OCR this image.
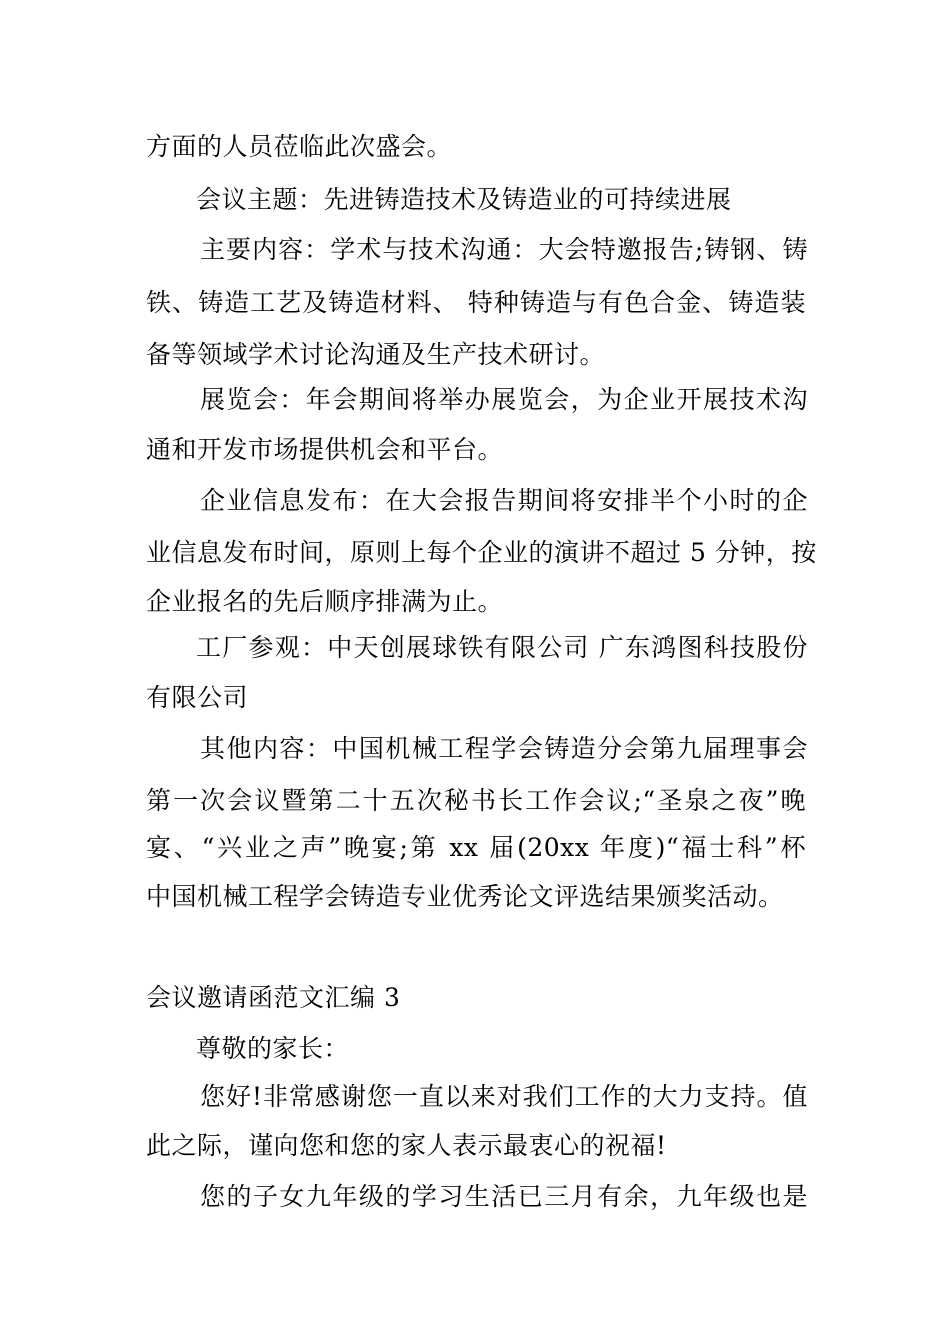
方面的人员莅临此次盛会。
会议主题：先进铸造技术及铸造业的可持续进展
主要内容：学术与技术沟通：大会特邀报告;铸钢、铸
铁、铸造工艺及铸造材料、 特种铸造与有色合金、铸造装
备等领域学术讨论沟通及生产技术研讨。
展览会：年会期间将举办展览会，为企业开展技术沟
通和开发市场提供机会和平台。
企业信息发布：在大会报告期间将安排半个小时的企
业信息发布时间，原则上每个企业的演讲不超过 5 分钟，按
企业报名的先后顺序排满为止。
工厂参观：中天创展球铁有限公司 广东鸿图科技股份
有限公司
其他内容：中国机械工程学会铸造分会第九届理事会
第一次会议暨第二十五次秘书长工作会议;“圣泉之夜”晚
宴、“兴业之声”晚宴;第 xx 届(20xx 年度)“福士科”杯
中国机械工程学会铸造专业优秀论文评选结果颁奖活动。
会议邀请函范文汇编 3
尊敬的家长：
您好!非常感谢您一直以来对我们工作的大力支持。值
此之际，谨向您和您的家人表示最衷心的祝福!
您的子女九年级的学习生活已三月有余，九年级也是
